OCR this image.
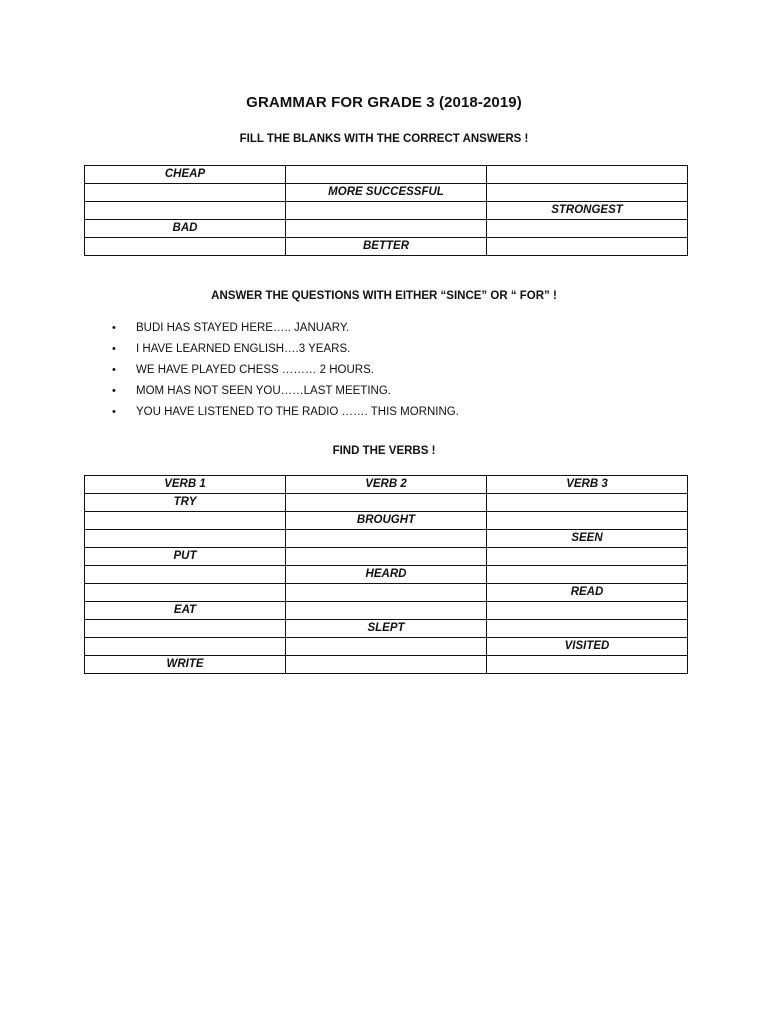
GRAMMAR FOR GRADE 3 (2018-2019)
FILL THE BLANKS WITH THE CORRECT ANSWERS !
CHEAP		
	MORE SUCCESSFUL	
		STRONGEST
BAD		
	BETTER	
ANSWER THE QUESTIONS WITH EITHER “SINCE” OR “ FOR” !
• BUDI HAS STAYED HERE….. JANUARY.
• I HAVE LEARNED ENGLISH….3 YEARS.
• WE HAVE PLAYED CHESS ……… 2 HOURS.
• MOM HAS NOT SEEN YOU……LAST MEETING.
• YOU HAVE LISTENED TO THE RADIO ……. THIS MORNING.
FIND THE VERBS !
VERB 1	VERB 2	VERB 3
TRY		
	BROUGHT	
		SEEN
PUT		
	HEARD	
		READ
EAT		
	SLEPT	
		VISITED
WRITE		
